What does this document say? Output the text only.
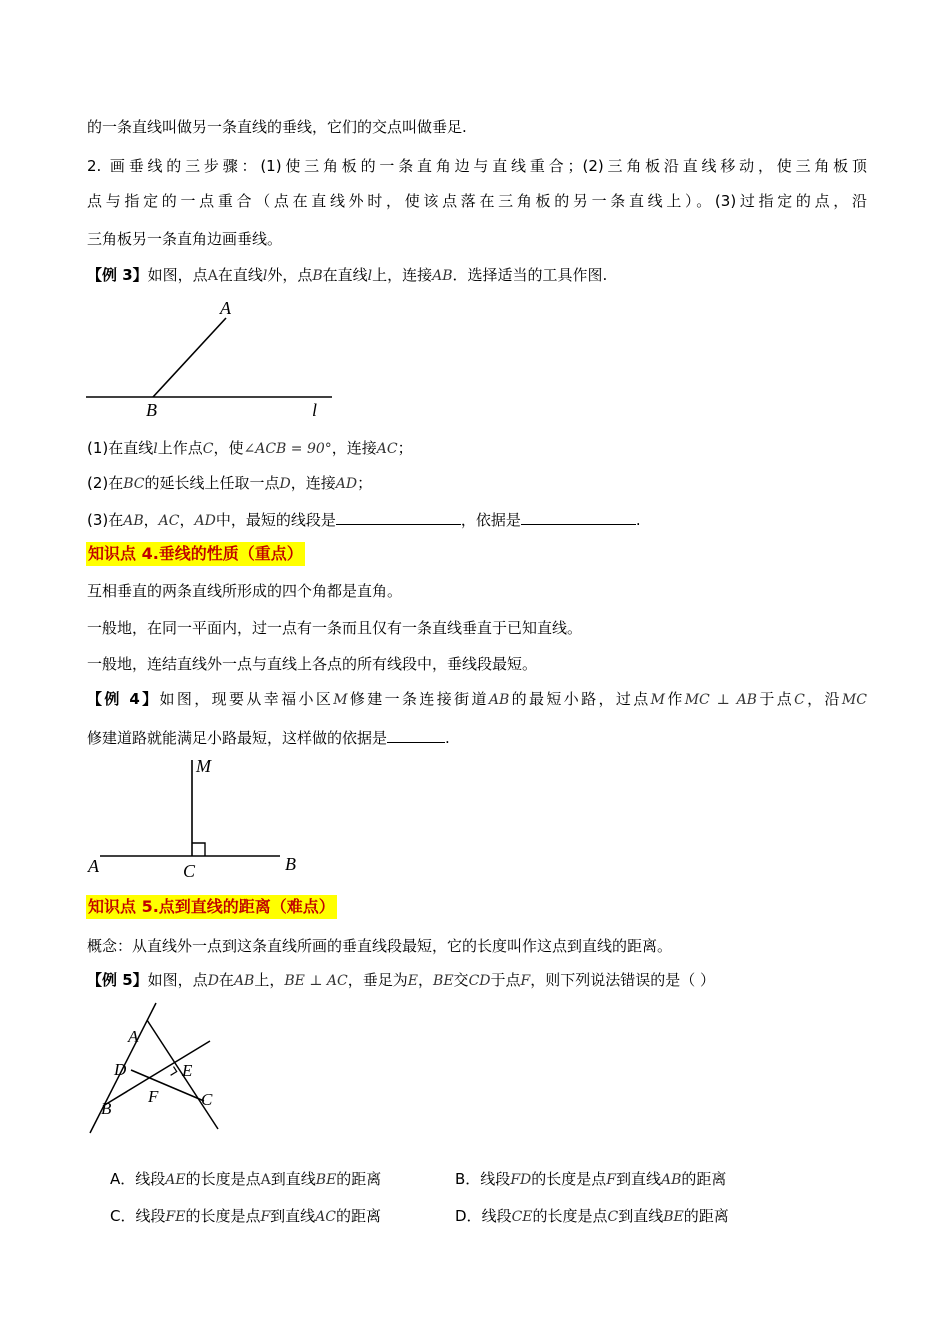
的一条直线叫做另一条直线的垂线，它们的交点叫做垂足.
2. 画垂线的三步骤：(1)使三角板的一条直角边与直线重合；(2)三角板沿直线移动，使三角板顶
点与指定的一点重合（点在直线外时，使该点落在三角板的另一条直线上）。(3)过指定的点，沿
三角板另一条直角边画垂线。
【例 3】如图，点A在直线l外，点B在直线l上，连接AB．选择适当的工具作图.
A
B	l
(1)在直线l上作点C，使∠ACB = 90°，连接AC；
(2)在BC的延长线上任取一点D，连接AD；
(3)在AB，AC，AD中，最短的线段是	，依据是	.
知识点 4.垂线的性质（重点）
互相垂直的两条直线所形成的四个角都是直角。
一般地，在同一平面内，过一点有一条而且仅有一条直线垂直于已知直线。
一般地，连结直线外一点与直线上各点的所有线段中，垂线段最短。
【例 4】如图，现要从幸福小区M修建一条连接街道AB的最短小路，过点M作MC ⊥ AB于点C，沿MC
修建道路就能满足小路最短，这样做的依据是	.
M
A	C	B
知识点 5.点到直线的距离（难点）
概念：从直线外一点到这条直线所画的垂直线段最短，它的长度叫作这点到直线的距离。
【例 5】如图，点D在AB上，BE ⊥ AC，垂足为E，BE交CD于点F，则下列说法错误的是（ ）
A
D	E
F
B	C
A．线段AE的长度是点A到直线BE的距离	B．线段FD的长度是点F到直线AB的距离
C．线段FE的长度是点F到直线AC的距离	D．线段CE的长度是点C到直线BE的距离
